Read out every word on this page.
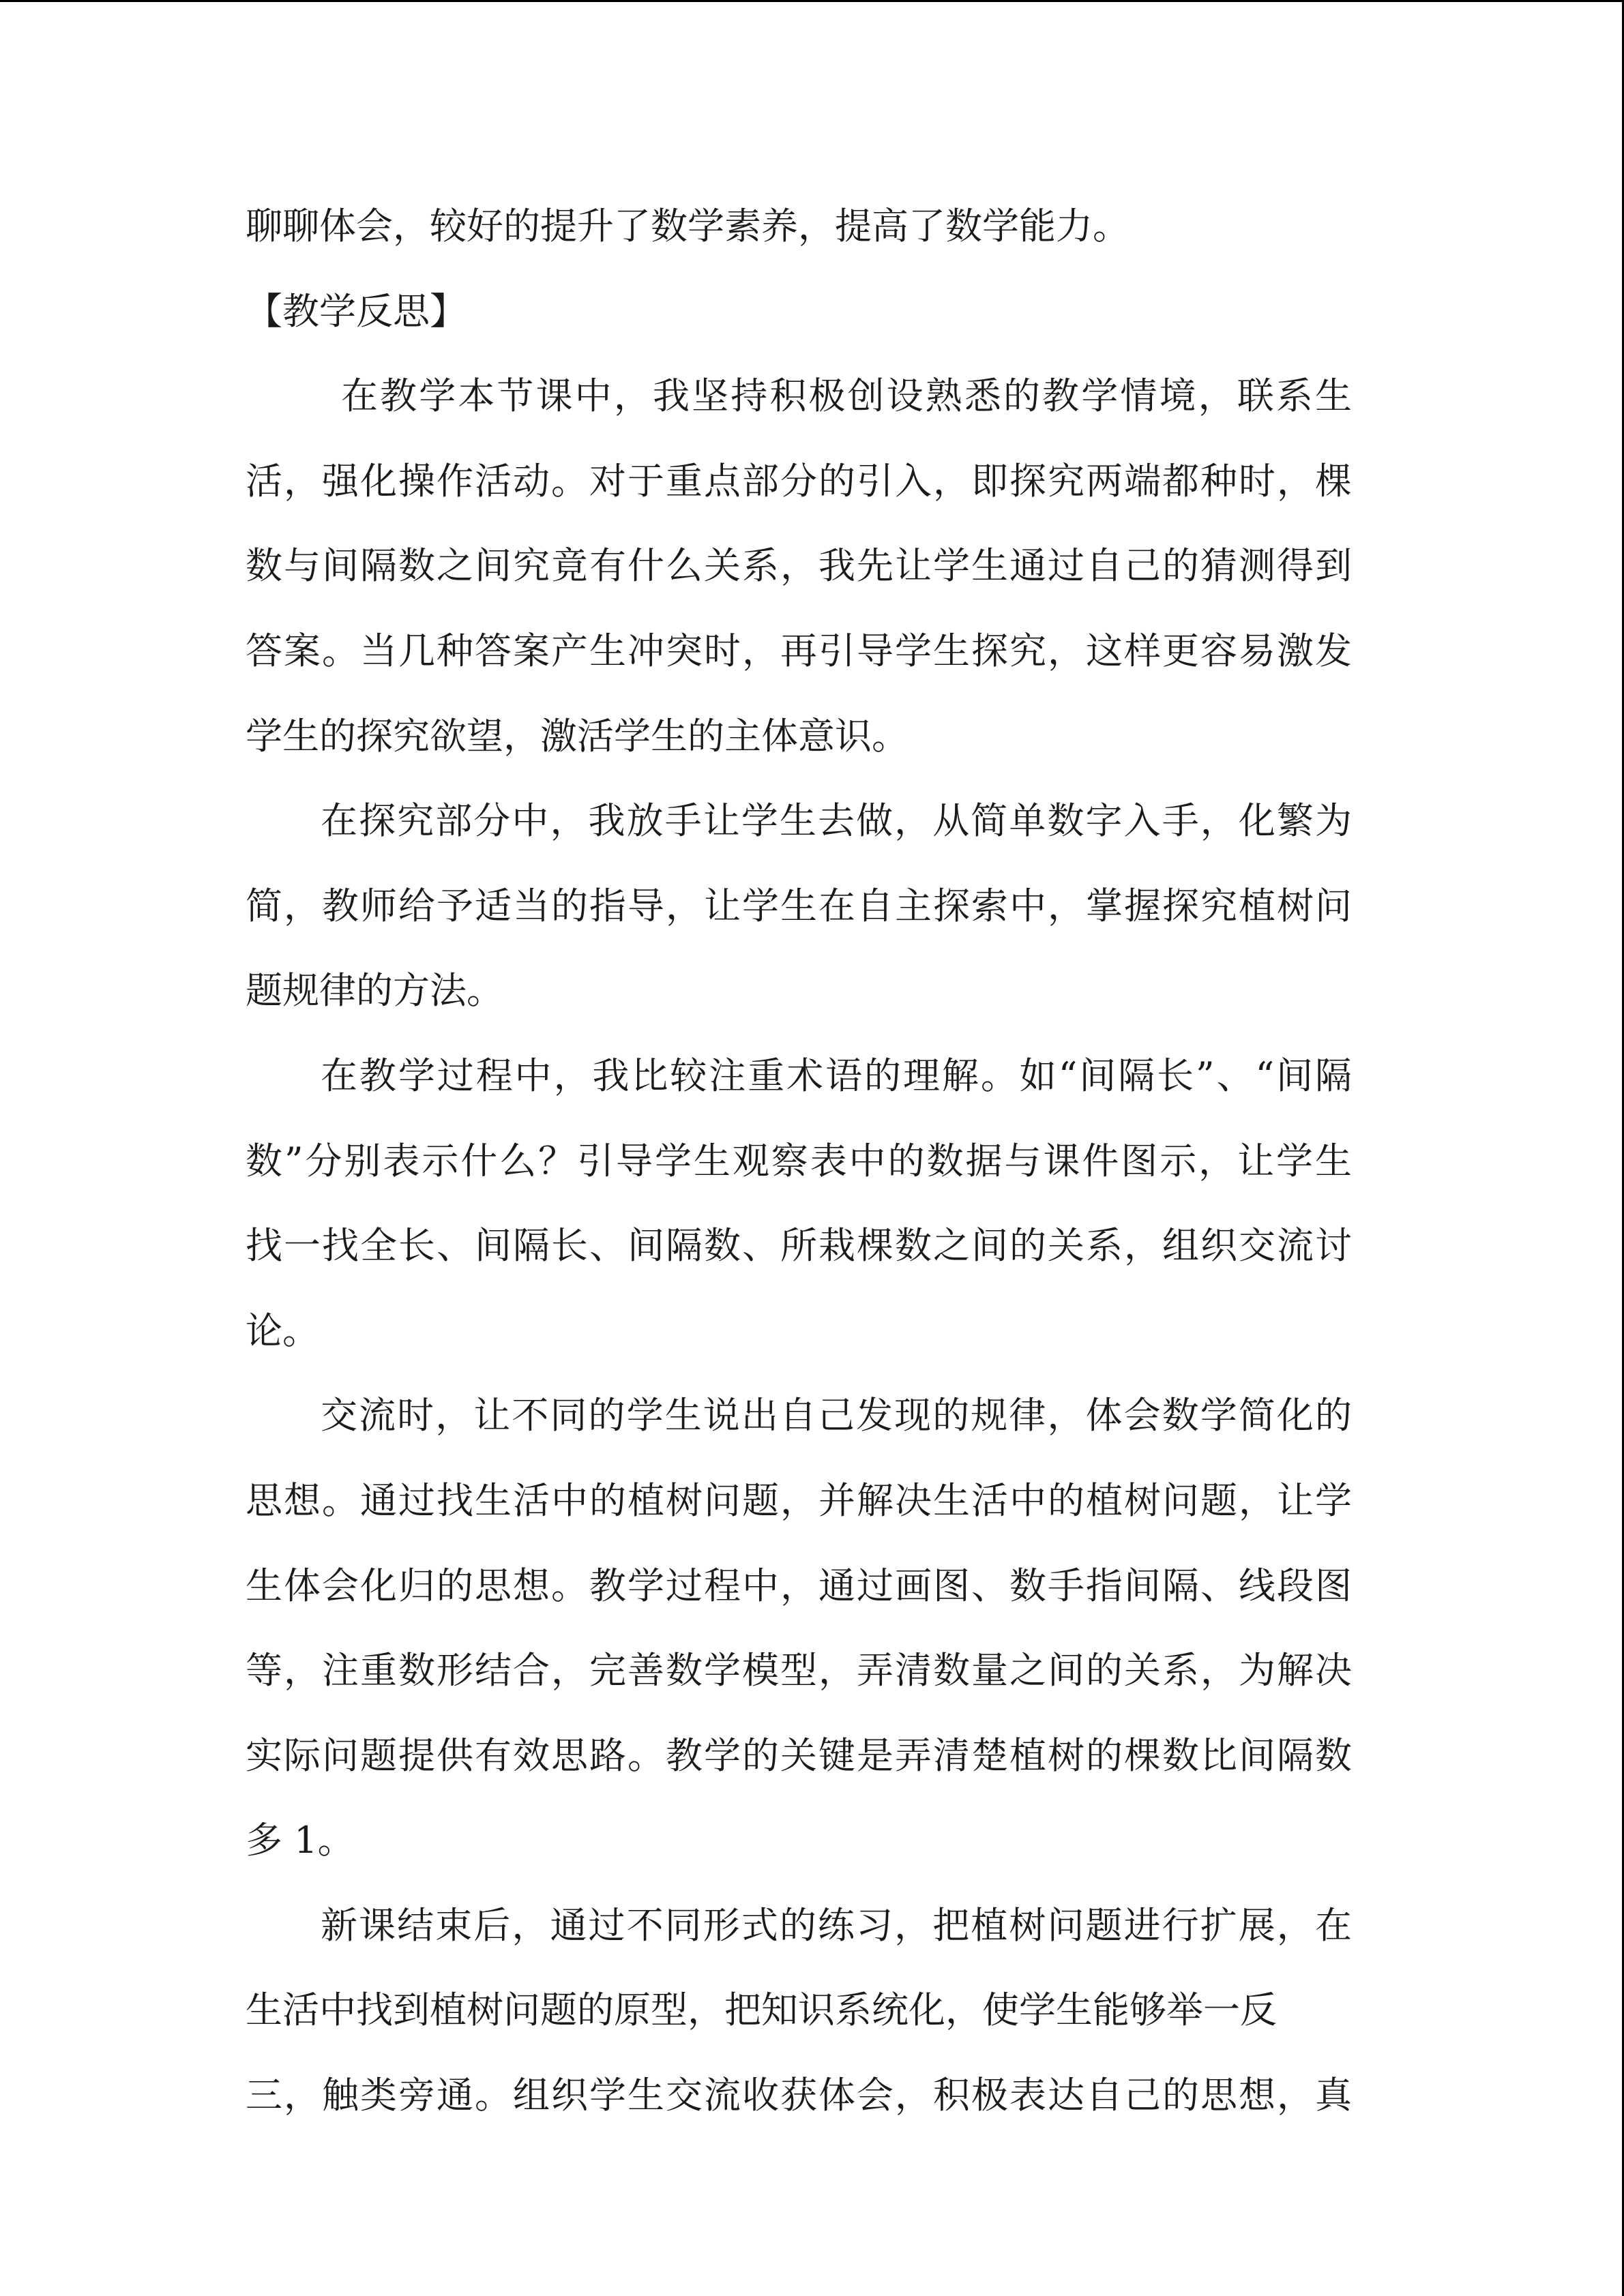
聊聊体会，较好的提升了数学素养，提高了数学能力。
【教学反思】
在教学本节课中，我坚持积极创设熟悉的教学情境，联系生
活，强化操作活动。对于重点部分的引入，即探究两端都种时，棵
数与间隔数之间究竟有什么关系，我先让学生通过自己的猜测得到
答案。当几种答案产生冲突时，再引导学生探究，这样更容易激发
学生的探究欲望，激活学生的主体意识。
在探究部分中，我放手让学生去做，从简单数字入手，化繁为
简，教师给予适当的指导，让学生在自主探索中，掌握探究植树问
题规律的方法。
在教学过程中，我比较注重术语的理解。如“间隔长”、“间隔
数”分别表示什么？引导学生观察表中的数据与课件图示，让学生
找一找全长、间隔长、间隔数、所栽棵数之间的关系，组织交流讨
论。
交流时，让不同的学生说出自己发现的规律，体会数学简化的
思想。通过找生活中的植树问题，并解决生活中的植树问题，让学
生体会化归的思想。教学过程中，通过画图、数手指间隔、线段图
等，注重数形结合，完善数学模型，弄清数量之间的关系，为解决
实际问题提供有效思路。教学的关键是弄清楚植树的棵数比间隔数
多 1。
新课结束后，通过不同形式的练习，把植树问题进行扩展，在
生活中找到植树问题的原型，把知识系统化，使学生能够举一反
三，触类旁通。组织学生交流收获体会，积极表达自己的思想，真
